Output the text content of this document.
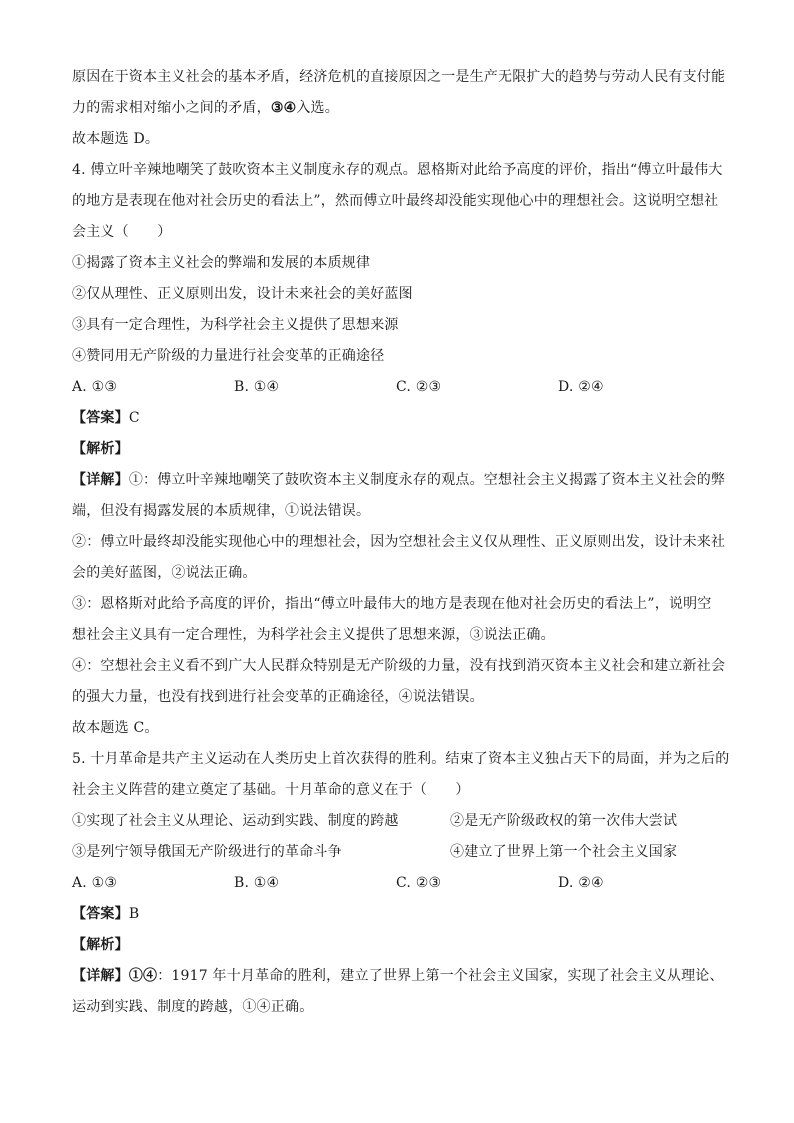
原因在于资本主义社会的基本矛盾，经济危机的直接原因之一是生产无限扩大的趋势与劳动人民有支付能
力的需求相对缩小之间的矛盾，③④入选。
故本题选 D。
4. 傅立叶辛辣地嘲笑了鼓吹资本主义制度永存的观点。恩格斯对此给予高度的评价，指出“傅立叶最伟大
的地方是表现在他对社会历史的看法上”，然而傅立叶最终却没能实现他心中的理想社会。这说明空想社
会主义（　　）
①揭露了资本主义社会的弊端和发展的本质规律
②仅从理性、正义原则出发，设计未来社会的美好蓝图
③具有一定合理性，为科学社会主义提供了思想来源
④赞同用无产阶级的力量进行社会变革的正确途径
A. ①③	B. ①④	C. ②③	D. ②④
【答案】C
【解析】
【详解】①：傅立叶辛辣地嘲笑了鼓吹资本主义制度永存的观点。空想社会主义揭露了资本主义社会的弊
端，但没有揭露发展的本质规律，①说法错误。
②：傅立叶最终却没能实现他心中的理想社会，因为空想社会主义仅从理性、正义原则出发，设计未来社
会的美好蓝图，②说法正确。
③：恩格斯对此给予高度的评价，指出“傅立叶最伟大的地方是表现在他对社会历史的看法上”，说明空
想社会主义具有一定合理性，为科学社会主义提供了思想来源，③说法正确。
④：空想社会主义看不到广大人民群众特别是无产阶级的力量，没有找到消灭资本主义社会和建立新社会
的强大力量，也没有找到进行社会变革的正确途径，④说法错误。
故本题选 C。
5. 十月革命是共产主义运动在人类历史上首次获得的胜利。结束了资本主义独占天下的局面，并为之后的
社会主义阵营的建立奠定了基础。十月革命的意义在于（　　）
①实现了社会主义从理论、运动到实践、制度的跨越	②是无产阶级政权的第一次伟大尝试
③是列宁领导俄国无产阶级进行的革命斗争	④建立了世界上第一个社会主义国家
A. ①③	B. ①④	C. ②③	D. ②④
【答案】B
【解析】
【详解】①④：1917 年十月革命的胜利，建立了世界上第一个社会主义国家，实现了社会主义从理论、
运动到实践、制度的跨越，①④正确。
